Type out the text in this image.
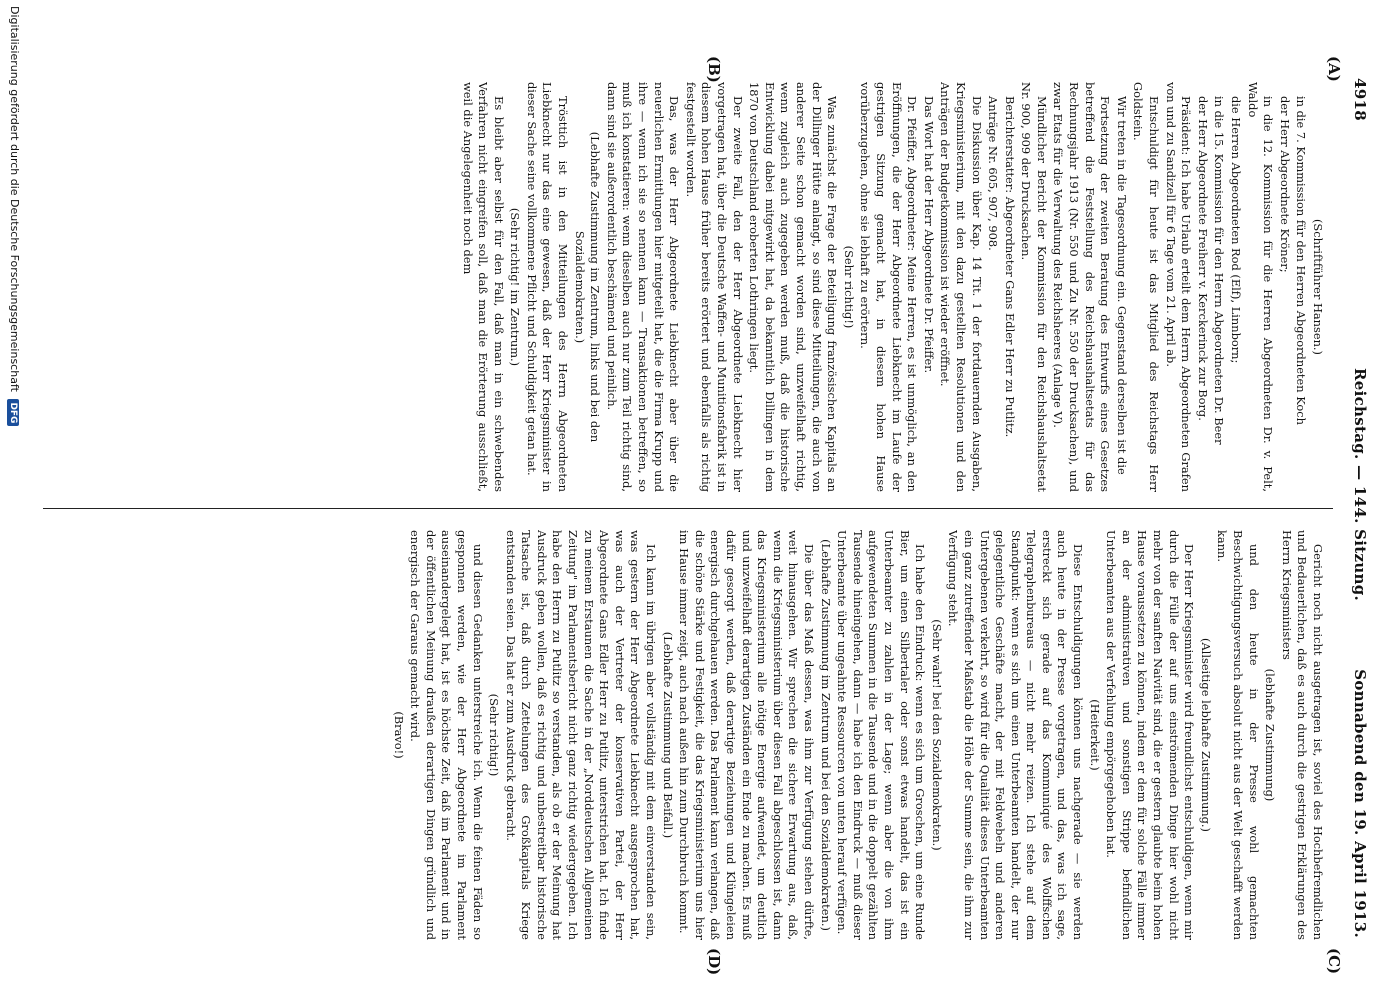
4918
Reichstag. — 144. Sitzung.
Sonnabend den 19. April 1913.
(A)
(B)
(C)
(D)

(Schriftführer Hansen.)

in die 7. Kommission für den Herren Abgeordneten Koch

der Herr Abgeordnete Kröner;

in die 12. Kommission für die Herren Abgeordneten Dr. v. Pelt, Waldo

die Herren Abgeordneten Rod (Elf), Linnborn;

in die 15. Kommission für den Herrn Abgeordneten Dr. Beer

der Herr Abgeordnete Freiherr v. Kerckerinck zur Borg.

Präsident: Ich habe Urlaub erteilt dem Herrn Abgeordneten Grafen von und zu Sandizell für 6 Tage vom 21. April ab.

Entschuldigt für heute ist das Mitglied des Reichstags Herr Goldstein.

Wir treten in die Tagesordnung ein. Gegenstand derselben ist die

Fortsetzung der zweiten Beratung des Entwurfs eines Gesetzes betreffend die Feststellung des Reichshaushaltsetats für das Rechnungsjahr 1913 (Nr. 550 und Zu Nr. 550 der Drucksachen), und zwar Etats für die Verwaltung des Reichsheeres (Anlage V).

Mündlicher Bericht der Kommission für den Reichshaushaltsetat Nr. 900, 909 der Drucksachen.

Berichterstatter: Abgeordneter Gans Edler Herr zu Putlitz.

Anträge Nr. 605, 907, 908.

Die Diskussion über Kap. 14 Tit. 1 der fortdauernden Ausgaben, Kriegsministerium, mit den dazu gestellten Resolutionen und den Anträgen der Budgetkommission ist wieder eröffnet.

Das Wort hat der Herr Abgeordnete Dr. Pfeiffer.

Dr. Pfeiffer, Abgeordneter: Meine Herren, es ist unmöglich, an den Eröffnungen, die der Herr Abgeordnete Liebknecht im Laufe der gestrigen Sitzung gemacht hat, in diesem hohen Hause vorüberzugehen, ohne sie lebhaft zu erörtern.

(Sehr richtig!)

Was zunächst die Frage der Beteiligung französischen Kapitals an der Dillinger Hütte anlangt, so sind diese Mitteilungen, die auch von anderer Seite schon gemacht worden sind, unzweifelhaft richtig, wenn zugleich auch zugegeben werden muß, daß die historische Entwicklung dabei mitgewirkt hat, da bekanntlich Dillingen in dem 1870 von Deutschland eroberten Lothringen liegt.

Der zweite Fall, den der Herr Abgeordnete Liebknecht hier vorgetragen hat, über die Deutsche Waffen- und Munitionsfabrik ist in diesem hohen Hause früher bereits erörtert und ebenfalls als richtig festgestellt worden.

Das, was der Herr Abgeordnete Liebknecht aber über die neuerlichen Ermittlungen hier mitgeteilt hat, die die Firma Krupp und ihre — wenn ich sie so nennen kann — Transaktionen betreffen, so muß ich konstatieren: wenn dieselben auch nur zum Teil richtig sind, dann sind sie außerordentlich beschämend und peinlich.

(Lebhafte Zustimmung im Zentrum, links und bei den Sozialdemokraten.)

Trösttich ist in den Mitteilungen des Herrn Abgeordneten Liebknecht nur das eine gewesen, daß der Herr Kriegsminister in dieser Sache seine vollkommene Pflicht und Schuldigkeit getan hat.

(Sehr richtig! im Zentrum.)

Es bleibt aber selbst für den Fall, daß man in ein schwebendes Verfahren nicht eingreifen soll, daß man die Erörterung ausschließt, weil die Angelegenheit noch dem

Gericht noch nicht ausgetragen ist, soviel des Hochbefremdlichen und Bedauerlichen, daß es auch durch die gestrigen Erklärungen des Herrn Kriegsministers

(lebhafte Zustimmung)

und den heute in der Presse wohl gemachten Beschwichtigungsversuch absolut nicht aus der Welt geschafft werden kann.

(Allseitige lebhafte Zustimmung.)

Der Herr Kriegsminister wird freundlichst entschuldigen, wenn mir durch die Fülle der auf uns einströmenden Dinge hier wohl nicht mehr von der sanften Naivität sind, die er gestern glaubte beim hohen Hause voraussetzen zu können, indem er dem für solche Fälle immer an der administrativen und sonstigen Strippe befindlichen Unterbeamten aus der Verfehlung empörgegehoben hat.

(Heiterkeit.)

Diese Entschuldigungen können uns nachgerade — sie werden auch heute in der Presse vorgetragen, und das, was ich sage, erstreckt sich gerade auf das Kommuniqué des Wolffschen Telegraphenbureaus — nicht mehr reizen. Ich stehe auf dem Standpunkt: wenn es sich um einen Unterbeamten handelt, der nur gelegentliche Geschäfte macht, der mit Feldwebeln und anderen Untergebenen verkehrt, so wird für die Qualität dieses Unterbeamten ein ganz zutreffender Maßstab die Höhe der Summe sein, die ihm zur Verfügung steht.

(Sehr wahr! bei den Sozialdemokraten.)

Ich habe den Eindruck: wenn es sich um Groschen, um eine Runde Bier, um einen Silbertaler oder sonst etwas handelt, das ist ein Unterbeamter zu zahlen in der Lage; wenn aber die von ihm aufgewendeten Summen in die Tausende und in die doppelt gezählten Tausende hineingehen, dann — habe ich den Eindruck — muß dieser Unterbeamte über ungeahnte Ressourcen von unten herauf verfügen.

(Lebhafte Zustimmung im Zentrum und bei den Sozialdemokraten.)

Die über das Maß dessen, was ihm zur Verfügung stehen dürfte, weit hinausgehen. Wir sprechen die sichere Erwartung aus, daß, wenn die Kriegsministerium über diesen Fall abgeschlossen ist, dann das Kriegsministerium alle nötige Energie aufwendet, um deutlich und unzweifelhaft derartigen Zuständen ein Ende zu machen. Es muß dafür gesorgt werden, daß derartige Beziehungen und Klüngeleien energisch durchgehauen werden. Das Parlament kann verlangen, daß die schöne Stärke und Festigkeit, die das Kriegsministerium uns hier im Hause immer zeigt, auch nach außen hin zum Durchbruch kommt.

(Lebhafte Zustimmung und Beifall.)

Ich kann im übrigen aber vollständig mit dem einverstanden sein, was gestern der Herr Abgeordnete Liebknecht ausgesprochen hat, was auch der Vertreter der konservativen Partei, der Herr Abgeordnete Gans Edler Herr zu Putlitz, unterstrichen hat. Ich finde zu meinem Erstaunen die Sache in der „Norddeutschen Allgemeinen Zeitung" im Parlamentsbericht nicht ganz richtig wiedergegeben. Ich habe den Herrn zu Putlitz so verstanden, als ob er der Meinung hat Ausdruck geben wollen, daß es richtig und unbestreitbar historische Tatsache ist, daß durch Zettelungen des Großkapitals Kriege entstanden seien. Das hat er zum Ausdruck gebracht.

(Sehr richtig!)

und diesen Gedanken unterstreiche ich. Wenn die feinen Fäden so gesponnen werden, wie der Herr Abgeordnete im Parlament auseinandergelegt hat, ist es höchste Zeit, daß im Parlament und in der öffentlichen Meinung draußen derartigen Dingen gründlich und energisch der Garaus gemacht wird.

(Bravo!)

Digitalisierung gefördert durch die Deutsche Forschungsgemeinschaft DFG
